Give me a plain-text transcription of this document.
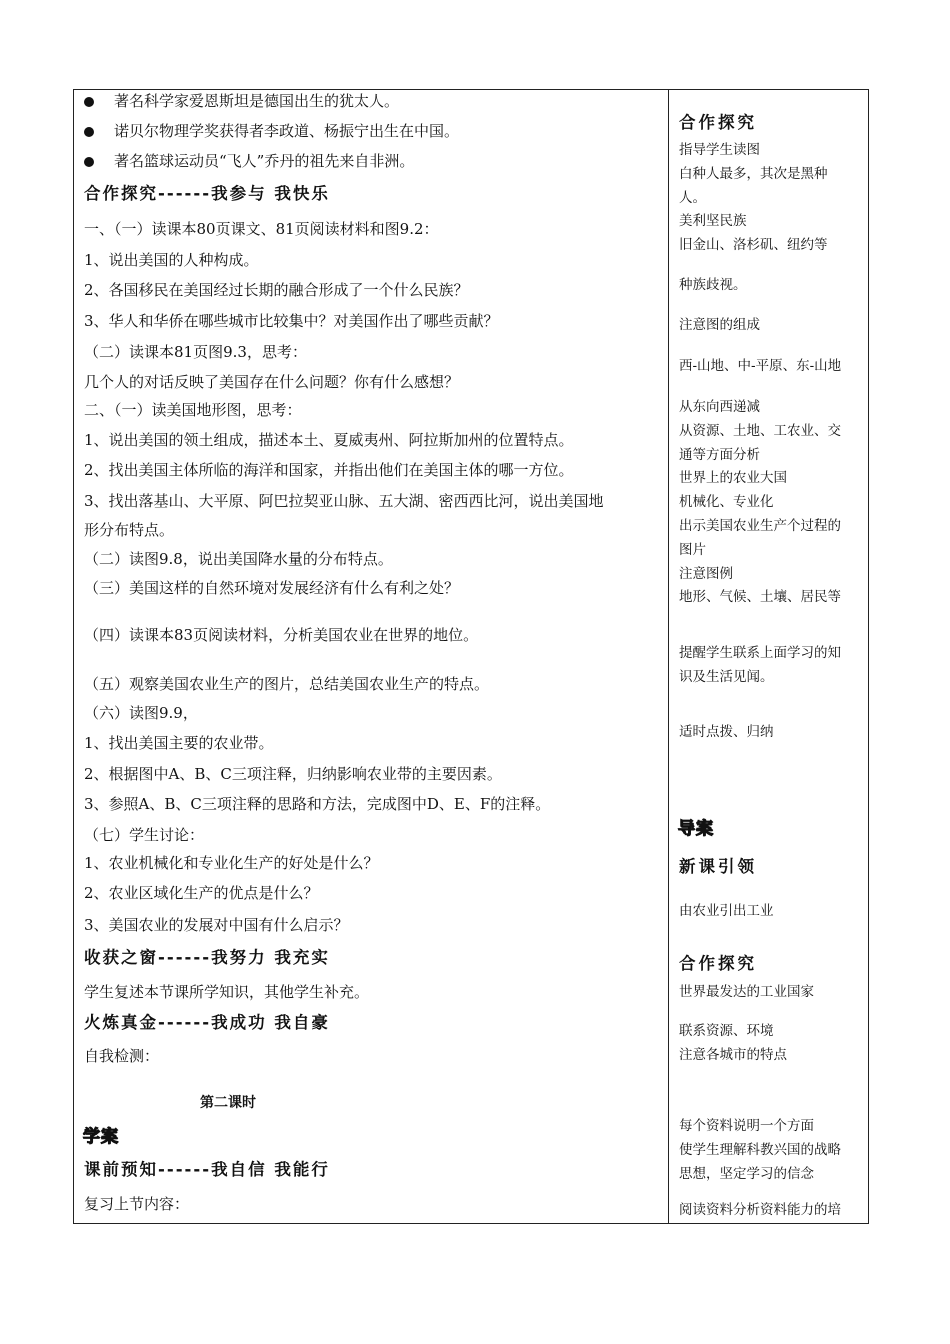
著名科学家爱恩斯坦是德国出生的犹太人。
诺贝尔物理学奖获得者李政道、杨振宁出生在中国。
著名篮球运动员“飞人”乔丹的祖先来自非洲。
合作探究------我参与 我快乐
一、（一）读课本80页课文、81页阅读材料和图9.2：
1、说出美国的人种构成。
2、各国移民在美国经过长期的融合形成了一个什么民族？
3、华人和华侨在哪些城市比较集中？对美国作出了哪些贡献？
（二）读课本81页图9.3，思考：
几个人的对话反映了美国存在什么问题？你有什么感想？
二、（一）读美国地形图，思考：
1、说出美国的领土组成，描述本土、夏威夷州、阿拉斯加州的位置特点。
2、找出美国主体所临的海洋和国家，并指出他们在美国主体的哪一方位。
3、找出落基山、大平原、阿巴拉契亚山脉、五大湖、密西西比河，说出美国地
形分布特点。
（二）读图9.8，说出美国降水量的分布特点。
（三）美国这样的自然环境对发展经济有什么有利之处？
（四）读课本83页阅读材料，分析美国农业在世界的地位。
（五）观察美国农业生产的图片，总结美国农业生产的特点。
（六）读图9.9，
1、找出美国主要的农业带。
2、根据图中A、B、C三项注释，归纳影响农业带的主要因素。
3、参照A、B、C三项注释的思路和方法，完成图中D、E、F的注释。
（七）学生讨论：
1、农业机械化和专业化生产的好处是什么？
2、农业区域化生产的优点是什么？
3、美国农业的发展对中国有什么启示？
收获之窗------我努力 我充实
学生复述本节课所学知识，其他学生补充。
火炼真金------我成功 我自豪
自我检测：
第二课时
学案
课前预知------我自信 我能行
复习上节内容：
合作探究
指导学生读图
白种人最多，其次是黑种
人。
美利坚民族
旧金山、洛杉矶、纽约等
种族歧视。
注意图的组成
西-山地、中-平原、东-山地
从东向西递减
从资源、土地、工农业、交
通等方面分析
世界上的农业大国
机械化、专业化
出示美国农业生产个过程的
图片
注意图例
地形、气候、土壤、居民等
提醒学生联系上面学习的知
识及生活见闻。
适时点拨、归纳
导案
新课引领
由农业引出工业
合作探究
世界最发达的工业国家
联系资源、环境
注意各城市的特点
每个资料说明一个方面
使学生理解科教兴国的战略
思想，坚定学习的信念
阅读资料分析资料能力的培
